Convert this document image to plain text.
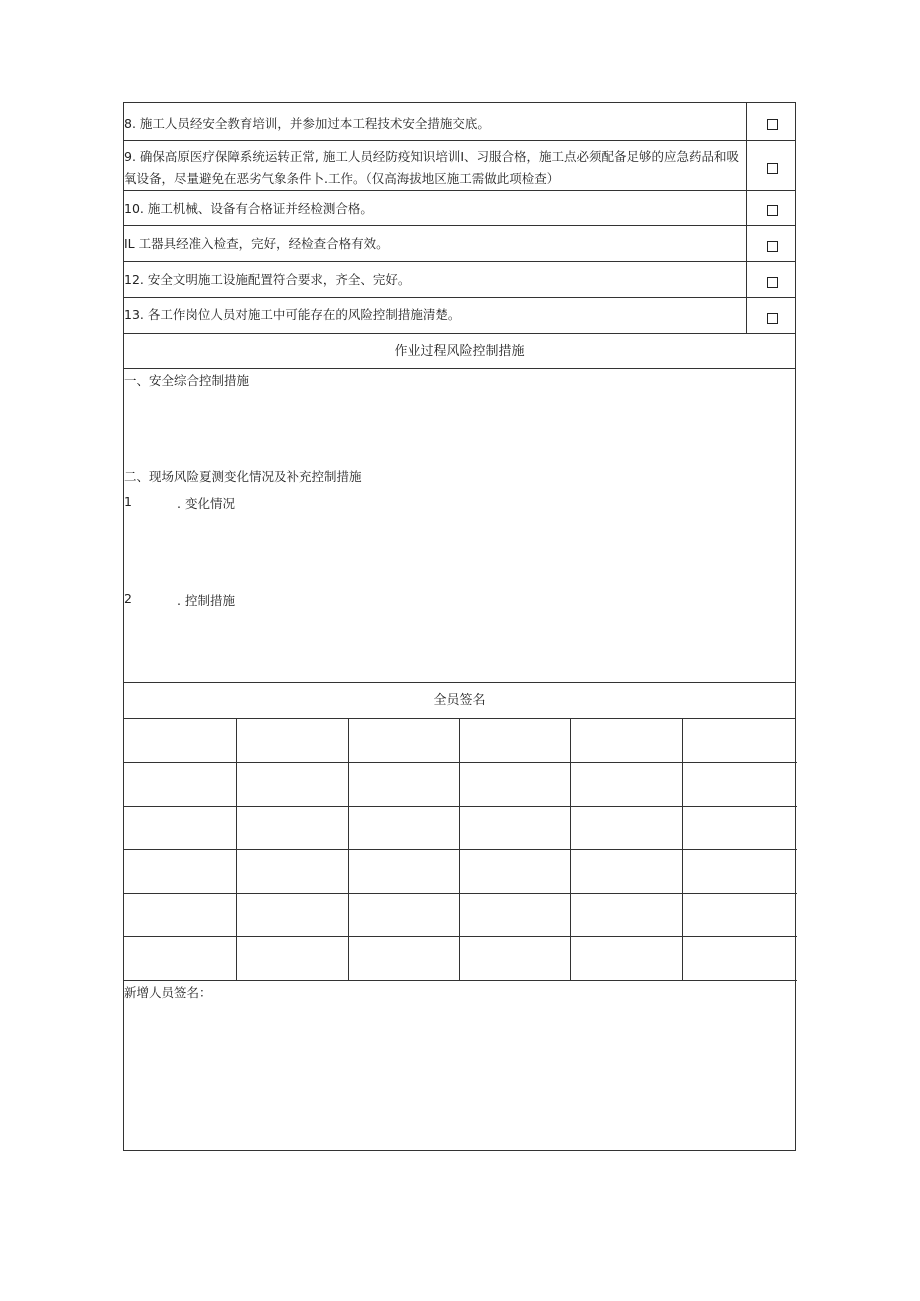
8. 施工人员经安全教育培训，并参加过本工程技术安全措施交底。
9. 确保高原医疗保障系统运转正常, 施工人员经防疫知识培训Ⅰ、习服合格，施工点必须配备足够的应急药品和吸氧设备，尽量避免在恶劣气象条件卜.工作。（仅高海拔地区施工需做此项检查）
10. 施工机械、设备有合格证并经检测合格。
IL 工器具经准入检查，完好，经检查合格有效。
12. 安全文明施工设施配置符合要求，齐全、完好。
13. 各工作岗位人员对施工中可能存在的风险控制措施清楚。
作业过程风险控制措施
一、安全综合控制措施
二、现场风险夏测变化情况及补充控制措施
1	. 变化情况
2	. 控制措施
全员签名
新增人员签名：
